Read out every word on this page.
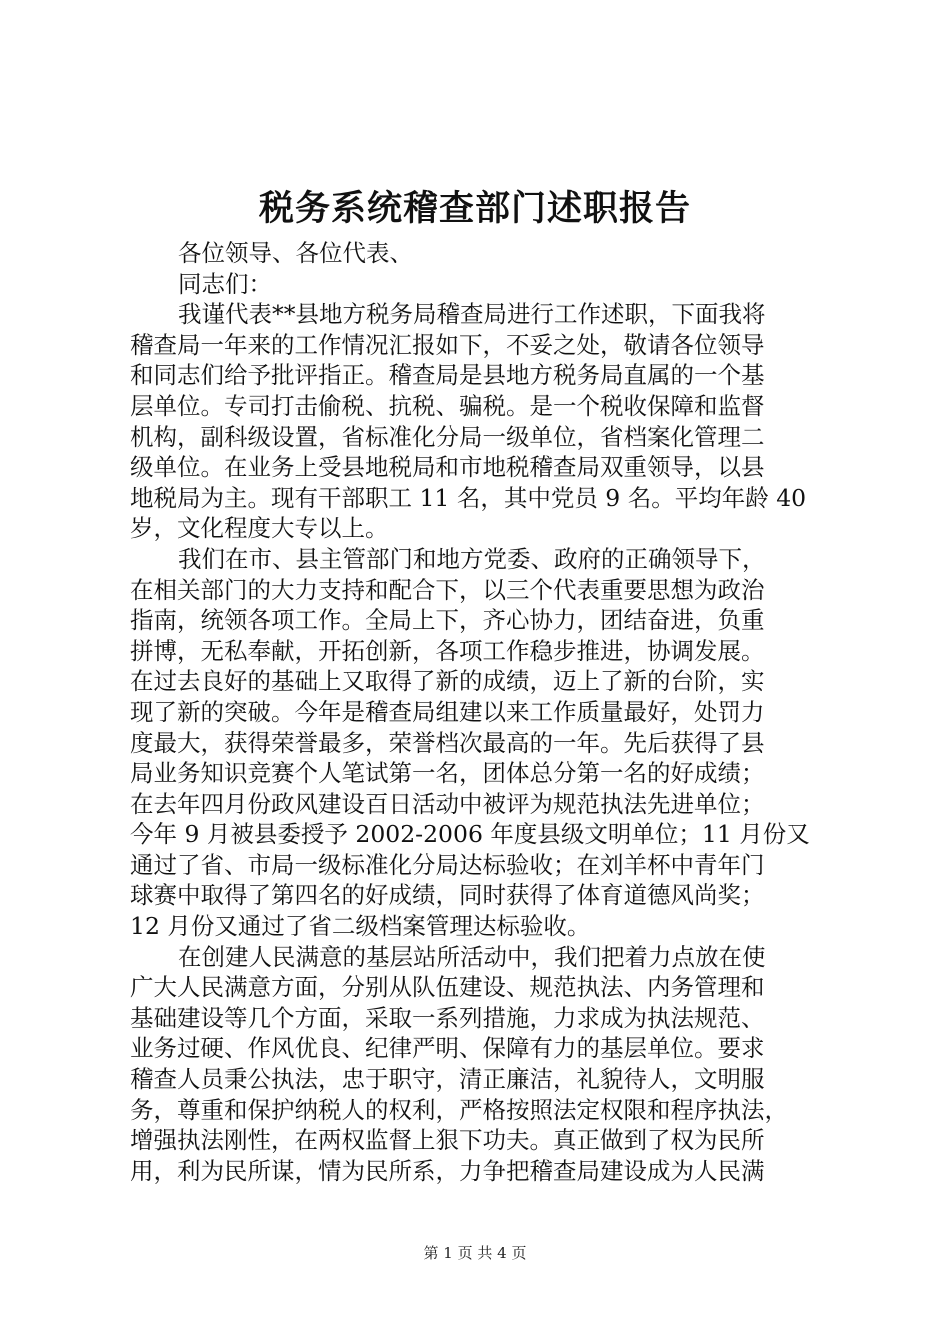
税务系统稽查部门述职报告
各位领导、各位代表、
同志们：
我谨代表**县地方税务局稽查局进行工作述职，下面我将
稽查局一年来的工作情况汇报如下，不妥之处，敬请各位领导
和同志们给予批评指正。稽查局是县地方税务局直属的一个基
层单位。专司打击偷税、抗税、骗税。是一个税收保障和监督
机构，副科级设置，省标准化分局一级单位，省档案化管理二
级单位。在业务上受县地税局和市地税稽查局双重领导，以县
地税局为主。现有干部职工 11 名，其中党员 9 名。平均年龄 40
岁，文化程度大专以上。
我们在市、县主管部门和地方党委、政府的正确领导下，
在相关部门的大力支持和配合下，以三个代表重要思想为政治
指南，统领各项工作。全局上下，齐心协力，团结奋进，负重
拼博，无私奉献，开拓创新，各项工作稳步推进，协调发展。
在过去良好的基础上又取得了新的成绩，迈上了新的台阶，实
现了新的突破。今年是稽查局组建以来工作质量最好，处罚力
度最大，获得荣誉最多，荣誉档次最高的一年。先后获得了县
局业务知识竞赛个人笔试第一名，团体总分第一名的好成绩；
在去年四月份政风建设百日活动中被评为规范执法先进单位；
今年 9 月被县委授予 2002-2006 年度县级文明单位；11 月份又
通过了省、市局一级标准化分局达标验收；在刘羊杯中青年门
球赛中取得了第四名的好成绩，同时获得了体育道德风尚奖；
12 月份又通过了省二级档案管理达标验收。
在创建人民满意的基层站所活动中，我们把着力点放在使
广大人民满意方面，分别从队伍建设、规范执法、内务管理和
基础建设等几个方面，采取一系列措施，力求成为执法规范、
业务过硬、作风优良、纪律严明、保障有力的基层单位。要求
稽查人员秉公执法，忠于职守，清正廉洁，礼貌待人，文明服
务，尊重和保护纳税人的权利，严格按照法定权限和程序执法，
增强执法刚性，在两权监督上狠下功夫。真正做到了权为民所
用，利为民所谋，情为民所系，力争把稽查局建设成为人民满
第 1 页 共 4 页
